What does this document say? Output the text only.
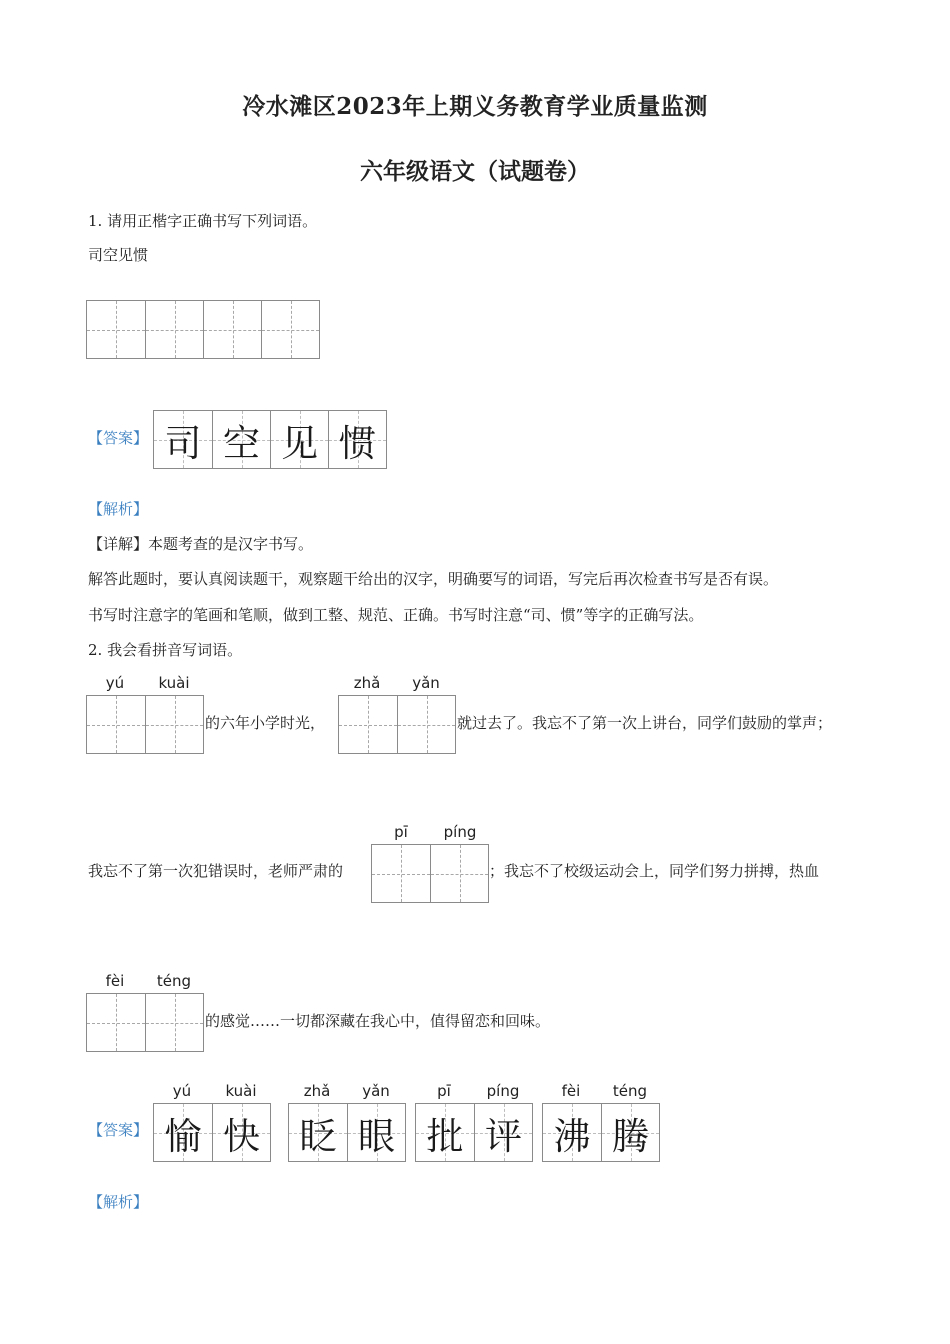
冷水滩区2023年上期义务教育学业质量监测
六年级语文（试题卷）
1. 请用正楷字正确书写下列词语。
司空见惯
【答案】 司 空 见 惯
【解析】
【详解】本题考查的是汉字书写。
解答此题时，要认真阅读题干，观察题干给出的汉字，明确要写的词语，写完后再次检查书写是否有误。
书写时注意字的笔画和笔顺，做到工整、规范、正确。书写时注意“司、惯”等字的正确写法。
2. 我会看拼音写词语。
yú	kuài
的六年小学时光，
zhǎ	yǎn
就过去了。我忘不了第一次上讲台，同学们鼓励的掌声；
我忘不了第一次犯错误时，老师严肃的
pī	píng
；我忘不了校级运动会上，同学们努力拼搏，热血
fèi	téng
的感觉……一切都深藏在我心中，值得留恋和回味。
【答案】
yú	kuài
愉 快
zhǎ	yǎn
眨 眼
pī	píng
批 评
fèi	téng
沸 腾
【解析】
